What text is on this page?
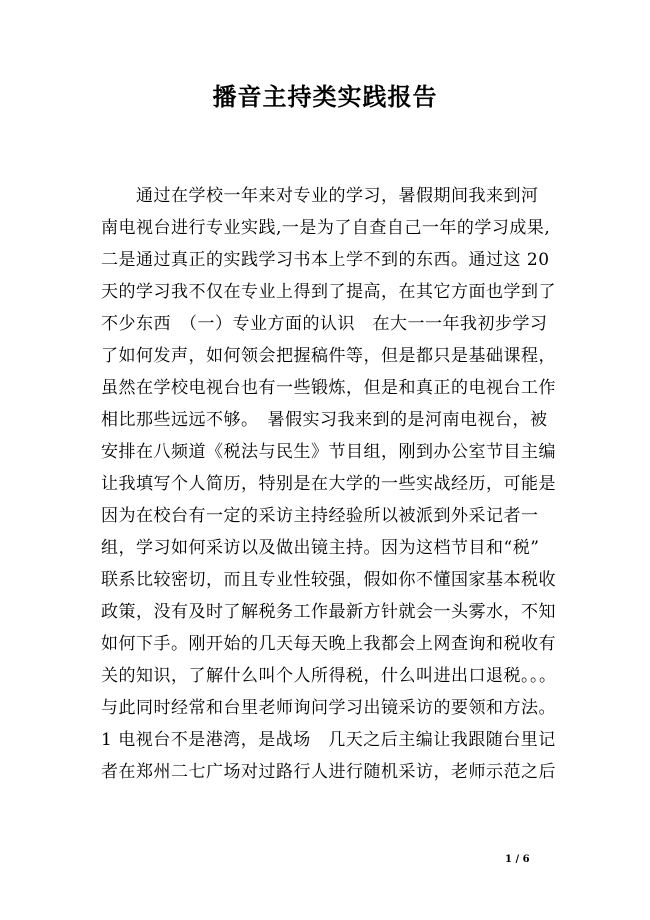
播音主持类实践报告
　　通过在学校一年来对专业的学习，暑假期间我来到河
南电视台进行专业实践,一是为了自查自己一年的学习成果,
二是通过真正的实践学习书本上学不到的东西。通过这 20
天的学习我不仅在专业上得到了提高，在其它方面也学到了
不少东西　（一）专业方面的认识　在大一一年我初步学习
了如何发声，如何领会把握稿件等，但是都只是基础课程，
虽然在学校电视台也有一些锻炼，但是和真正的电视台工作
相比那些远远不够。　暑假实习我来到的是河南电视台，被
安排在八频道《税法与民生》节目组，刚到办公室节目主编
让我填写个人简历，特别是在大学的一些实战经历，可能是
因为在校台有一定的采访主持经验所以被派到外采记者一
组，学习如何采访以及做出镜主持。因为这档节目和“税”
联系比较密切，而且专业性较强，假如你不懂国家基本税收
政策，没有及时了解税务工作最新方针就会一头雾水，不知
如何下手。刚开始的几天每天晚上我都会上网查询和税收有
关的知识，了解什么叫个人所得税，什么叫进出口退税。。。
与此同时经常和台里老师询问学习出镜采访的要领和方法。
1 电视台不是港湾，是战场　几天之后主编让我跟随台里记
者在郑州二七广场对过路行人进行随机采访，老师示范之后
1 / 6
